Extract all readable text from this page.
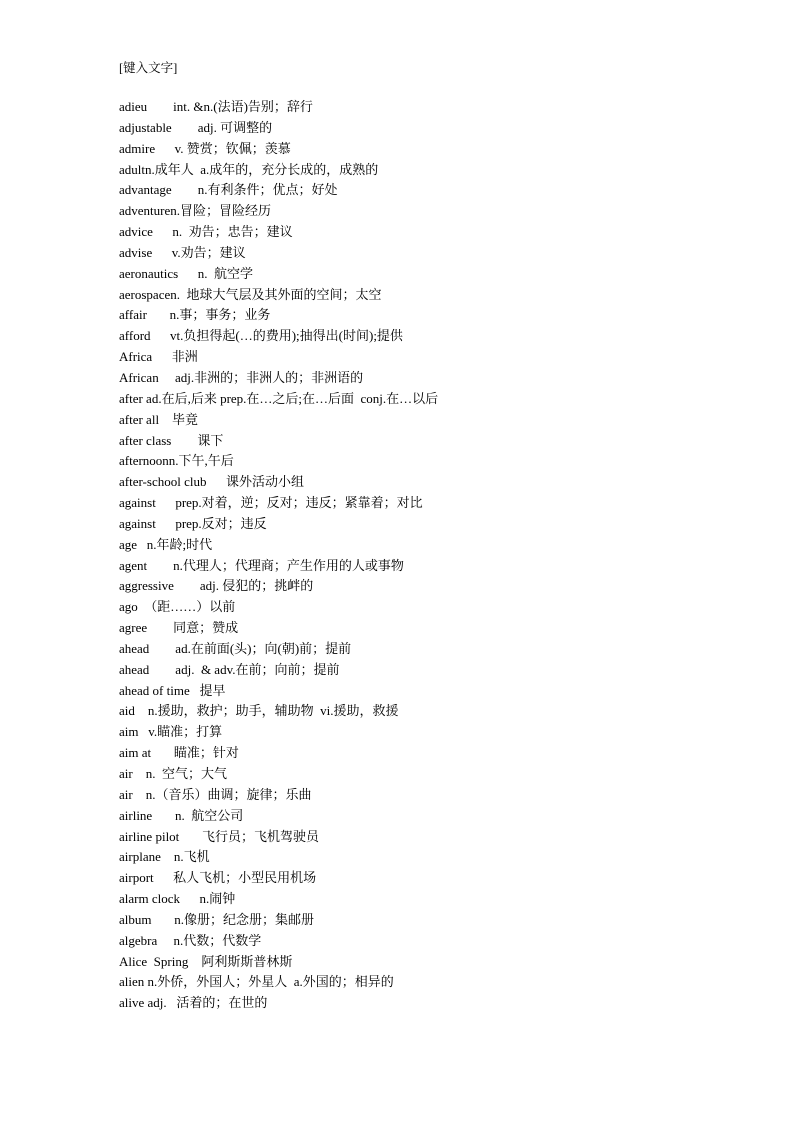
[键入文字]
adieu        int. &n.(法语)告别；辞行
adjustable        adj. 可调整的
admire      v. 赞赏；钦佩；羡慕
adultn.成年人  a.成年的，充分长成的，成熟的
advantage        n.有利条件；优点；好处
adventuren.冒险；冒险经历
advice      n.  劝告；忠告；建议
advise      v.劝告；建议
aeronautics      n.  航空学
aerospacen.  地球大气层及其外面的空间；太空
affair       n.事；事务；业务
afford      vt.负担得起(…的费用);抽得出(时间);提供
Africa      非洲
African     adj.非洲的；非洲人的；非洲语的
after ad.在后,后来 prep.在…之后;在…后面  conj.在…以后
after all    毕竟
after class        课下
afternoonn.下午,午后
after-school club      课外活动小组
against      prep.对着，逆；反对；违反；紧靠着；对比
against      prep.反对；违反
age   n.年龄;时代
agent        n.代理人；代理商；产生作用的人或事物
aggressive        adj. 侵犯的；挑衅的
ago  （距……）以前
agree        同意；赞成
ahead        ad.在前面(头)；向(朝)前；提前
ahead        adj.  & adv.在前；向前；提前
ahead of time   提早
aid    n.援助，救护；助手，辅助物  vi.援助，救援
aim   v.瞄准；打算
aim at       瞄准；针对
air    n.  空气；大气
air    n.（音乐）曲调；旋律；乐曲
airline       n.  航空公司
airline pilot       飞行员；飞机驾驶员
airplane    n.飞机
airport      私人飞机；小型民用机场
alarm clock      n.闹钟
album       n.像册；纪念册；集邮册
algebra     n.代数；代数学
Alice  Spring    阿利斯斯普林斯
alien n.外侨，外国人；外星人  a.外国的；相异的
alive adj.   活着的；在世的
